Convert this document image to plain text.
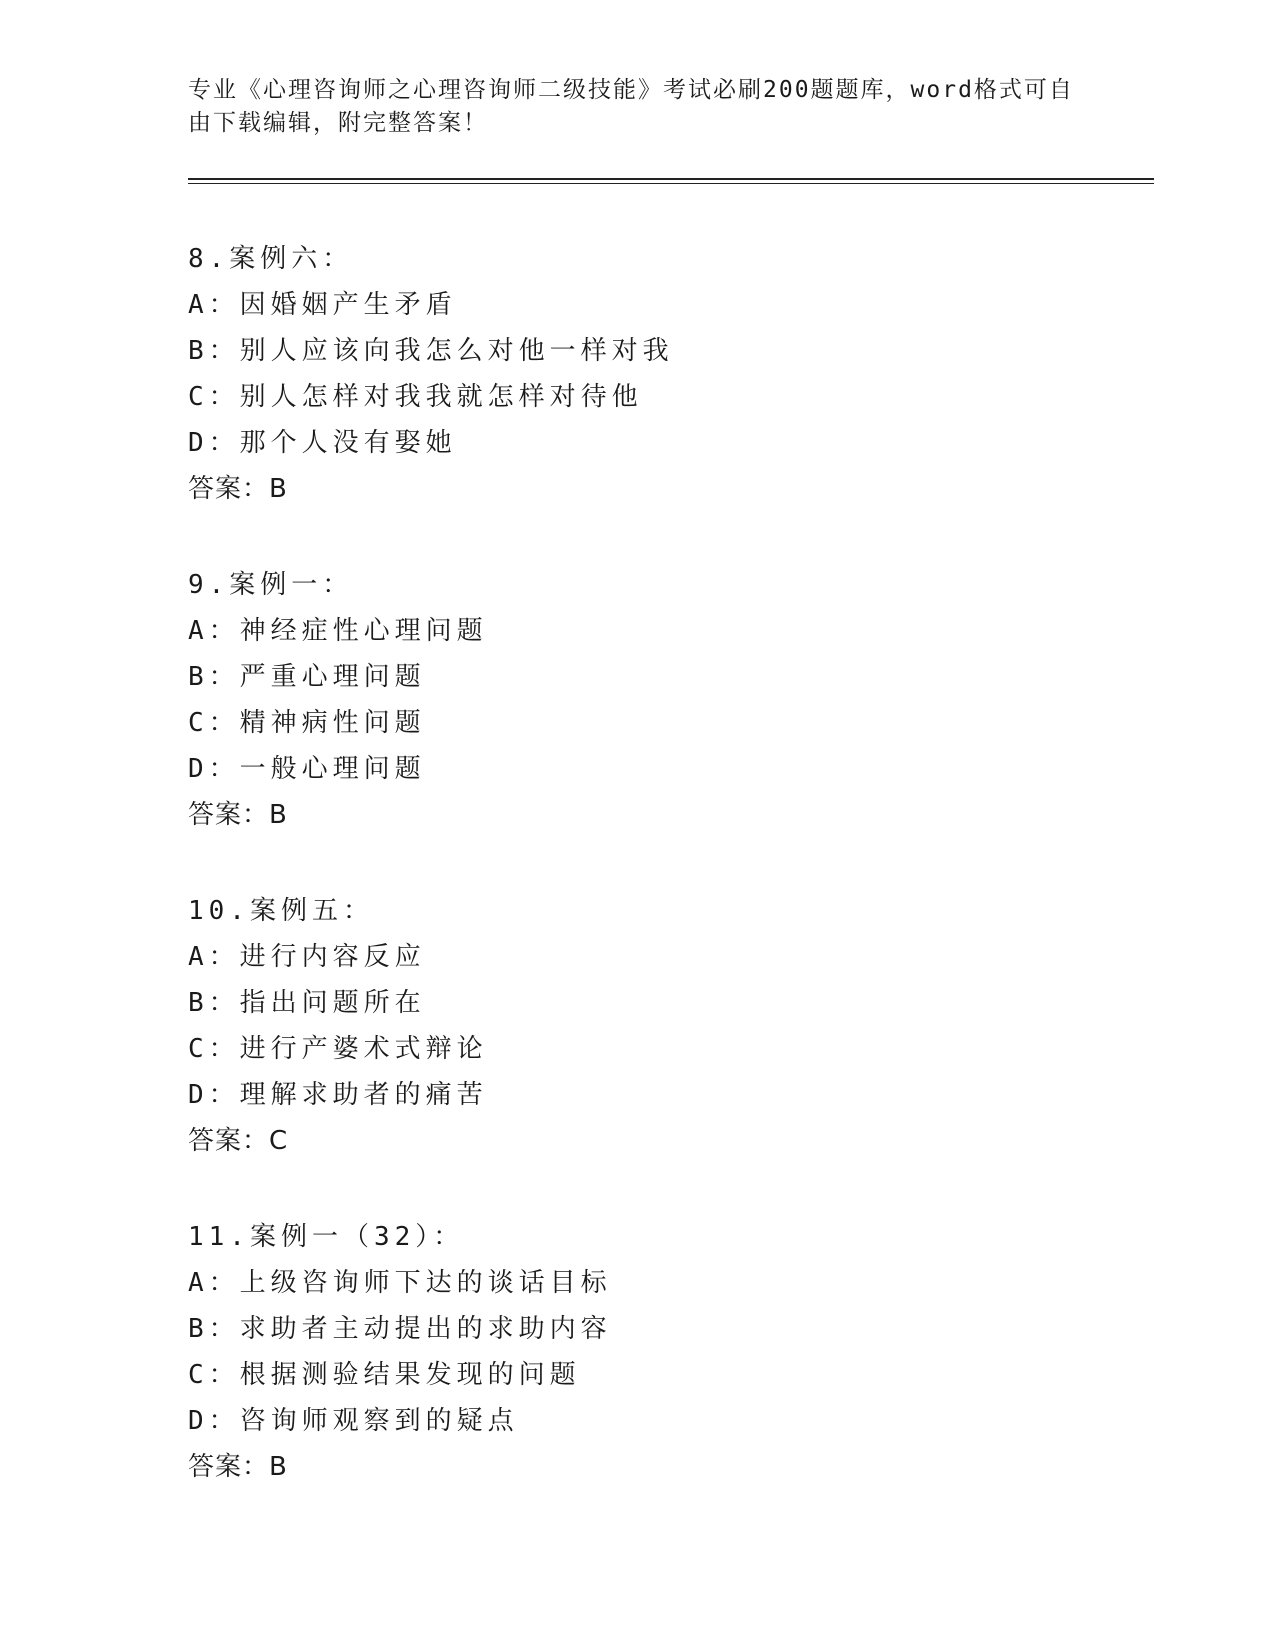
专业《心理咨询师之心理咨询师二级技能》考试必刷200题题库，word格式可自
由下载编辑，附完整答案！
8.案例六：
A：因婚姻产生矛盾
B：别人应该向我怎么对他一样对我
C：别人怎样对我我就怎样对待他
D：那个人没有娶她
答案：B
9.案例一：
A：神经症性心理问题
B：严重心理问题
C：精神病性问题
D：一般心理问题
答案：B
10.案例五：
A：进行内容反应
B：指出问题所在
C：进行产婆术式辩论
D：理解求助者的痛苦
答案：C
11.案例一（32）：
A：上级咨询师下达的谈话目标
B：求助者主动提出的求助内容
C：根据测验结果发现的问题
D：咨询师观察到的疑点
答案：B
